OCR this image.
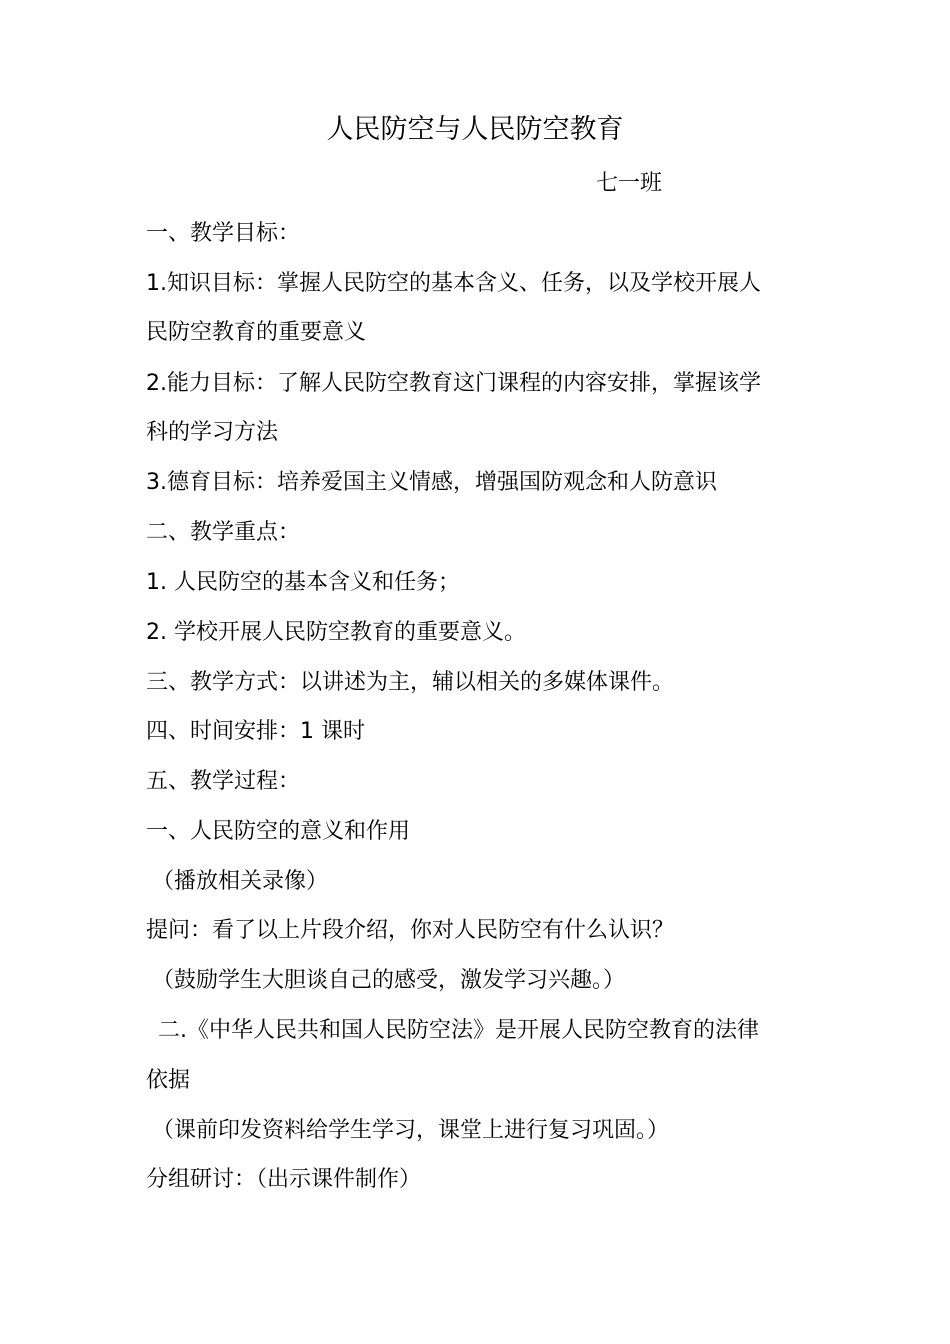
人民防空与人民防空教育
七一班
一、教学目标：
1.知识目标：掌握人民防空的基本含义、任务，以及学校开展人
民防空教育的重要意义
2.能力目标：了解人民防空教育这门课程的内容安排，掌握该学
科的学习方法
3.德育目标：培养爱国主义情感，增强国防观念和人防意识
二、教学重点：
1. 人民防空的基本含义和任务；
2. 学校开展人民防空教育的重要意义。
三、教学方式：以讲述为主，辅以相关的多媒体课件。
四、时间安排：1 课时
五、教学过程：
一、人民防空的意义和作用
（播放相关录像）
提问：看了以上片段介绍，你对人民防空有什么认识？
（鼓励学生大胆谈自己的感受，激发学习兴趣。）
二.《中华人民共和国人民防空法》是开展人民防空教育的法律
依据
（课前印发资料给学生学习，课堂上进行复习巩固。）
分组研讨：（出示课件制作）
